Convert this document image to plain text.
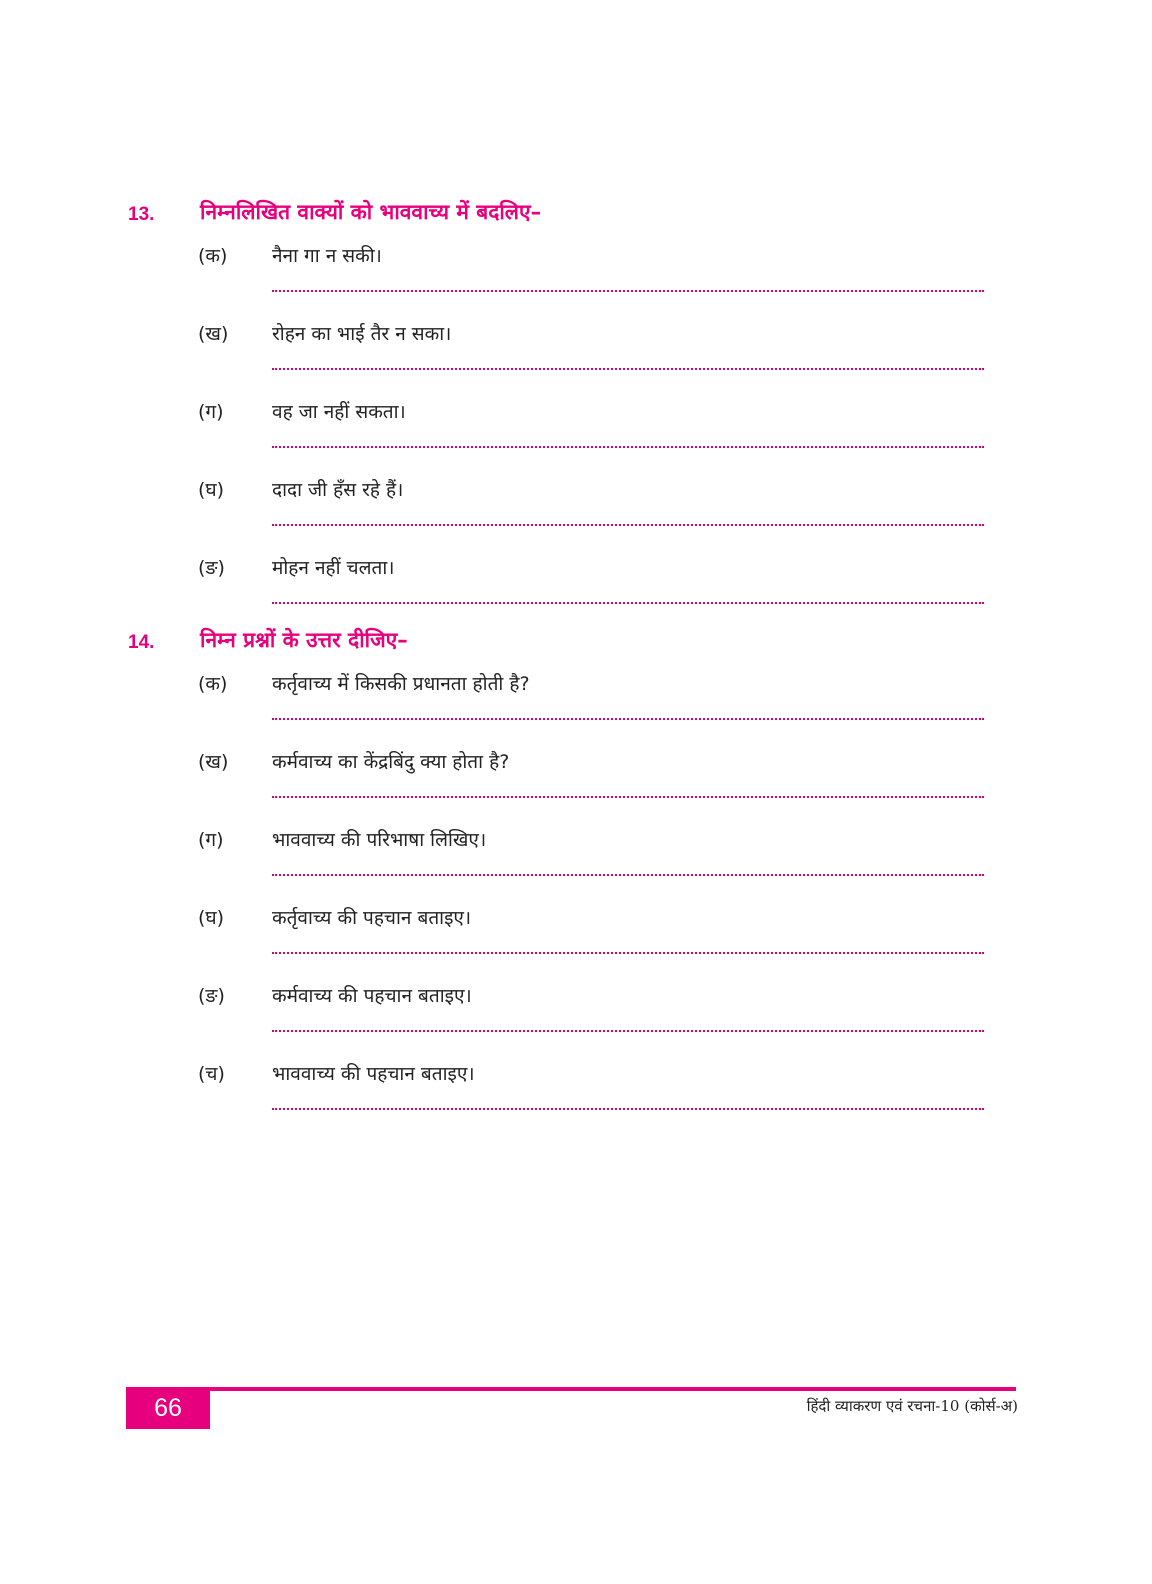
13. निम्नलिखित वाक्यों को भाववाच्य में बदलिए–
(क) नैना गा न सकी।
(ख) रोहन का भाई तैर न सका।
(ग)	वह जा नहीं सकता।
(घ)	दादा जी हँस रहे हैं।
(ङ) मोहन नहीं चलता।
14. निम्न प्रश्नों के उत्तर दीजिए–
(क) कर्तृवाच्य में किसकी प्रधानता होती है?
(ख) कर्मवाच्य का केंद्रबिंदु क्या होता है?
(ग)	भाववाच्य की परिभाषा लिखिए।
(घ)	कर्तृवाच्य की पहचान बताइए।
(ङ) कर्मवाच्य की पहचान बताइए।
(च) भाववाच्य की पहचान बताइए।
66	हिंदी व्याकरण एवं रचना-10 (कोर्स-अ)
